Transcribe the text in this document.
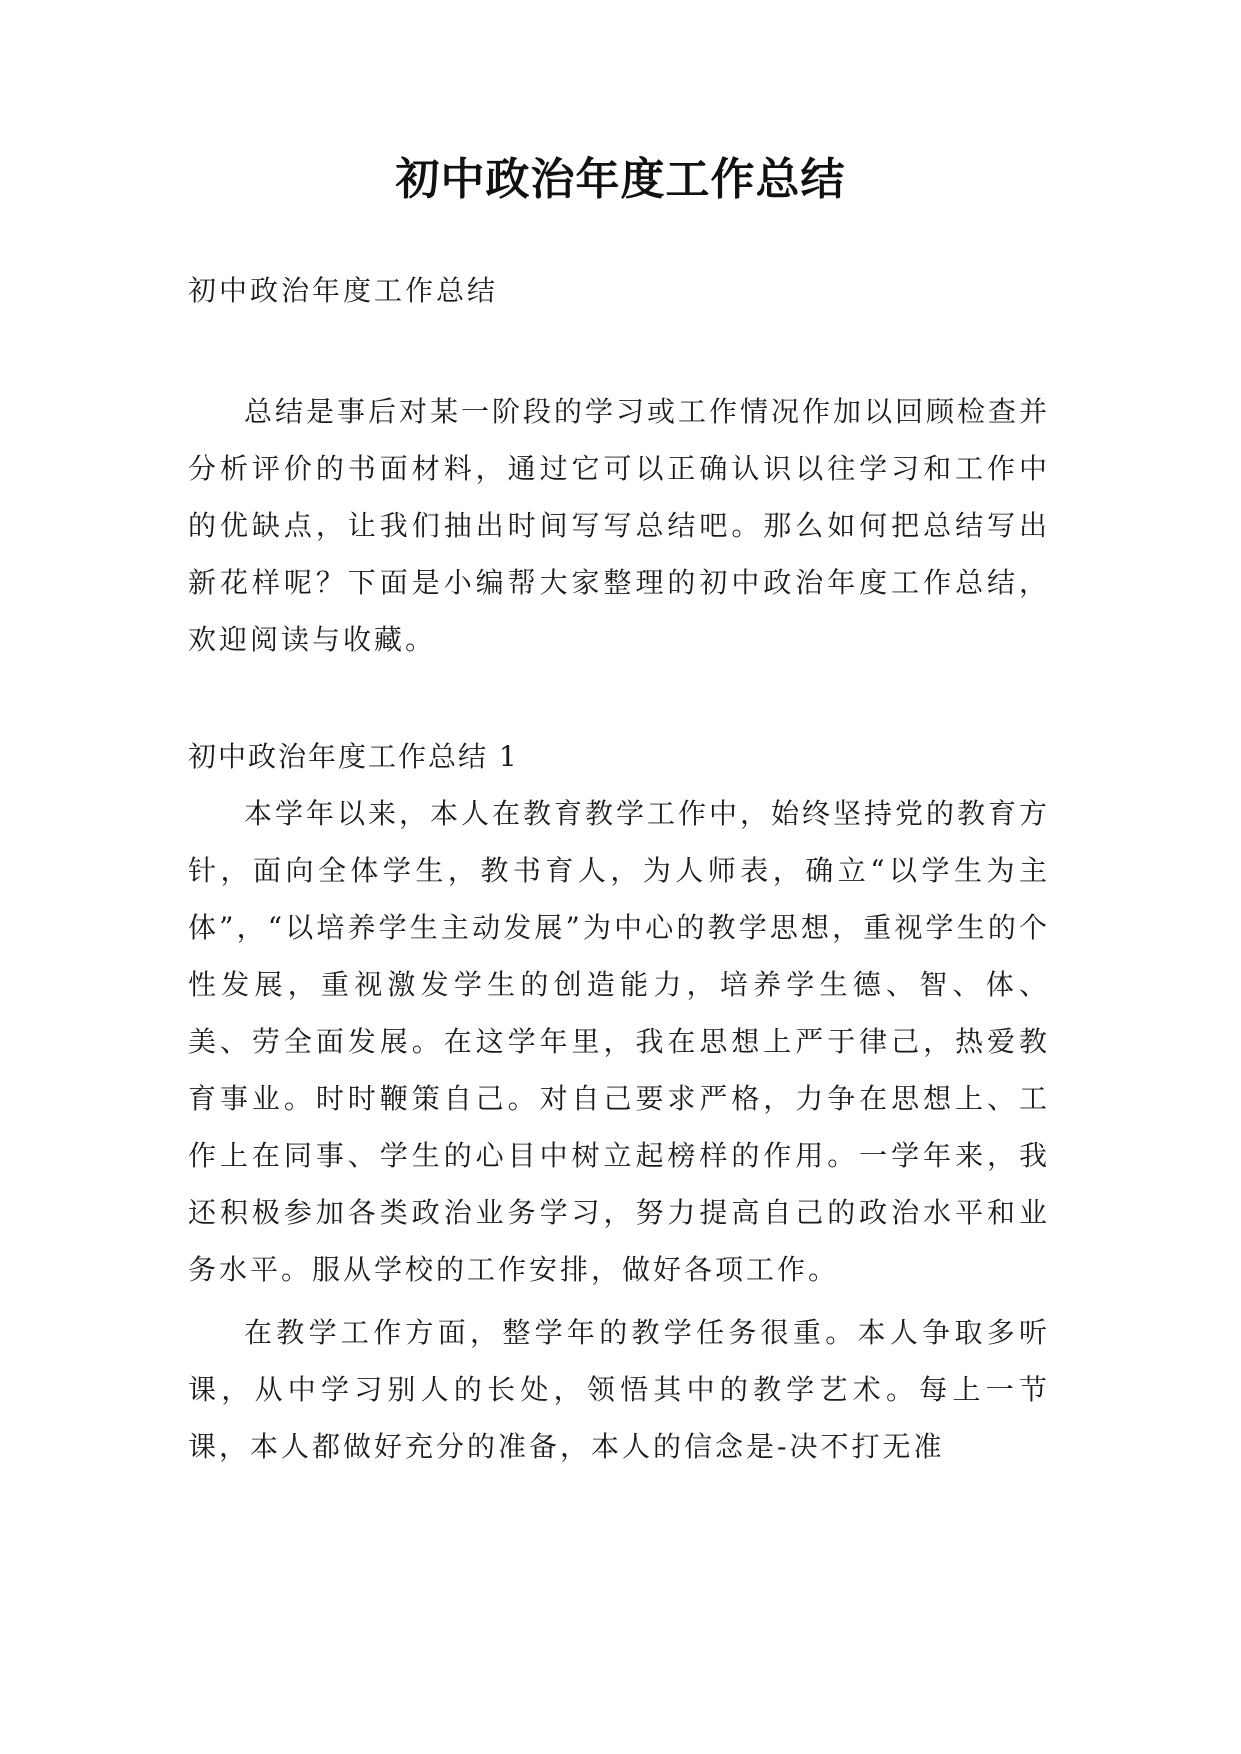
初中政治年度工作总结

初中政治年度工作总结

总结是事后对某一阶段的学习或工作情况作加以回顾检查并分析评价的书面材料，通过它可以正确认识以往学习和工作中的优缺点，让我们抽出时间写写总结吧。那么如何把总结写出新花样呢？下面是小编帮大家整理的初中政治年度工作总结，欢迎阅读与收藏。

初中政治年度工作总结 1

本学年以来，本人在教育教学工作中，始终坚持党的教育方针，面向全体学生，教书育人，为人师表，确立“以学生为主体”，“以培养学生主动发展”为中心的教学思想，重视学生的个性发展，重视激发学生的创造能力，培养学生德、智、体、美、劳全面发展。在这学年里，我在思想上严于律己，热爱教育事业。时时鞭策自己。对自己要求严格，力争在思想上、工作上在同事、学生的心目中树立起榜样的作用。一学年来，我还积极参加各类政治业务学习，努力提高自己的政治水平和业务水平。服从学校的工作安排，做好各项工作。

在教学工作方面，整学年的教学任务很重。本人争取多听课，从中学习别人的长处，领悟其中的教学艺术。每上一节课，本人都做好充分的准备，本人的信念是-决不打无准
